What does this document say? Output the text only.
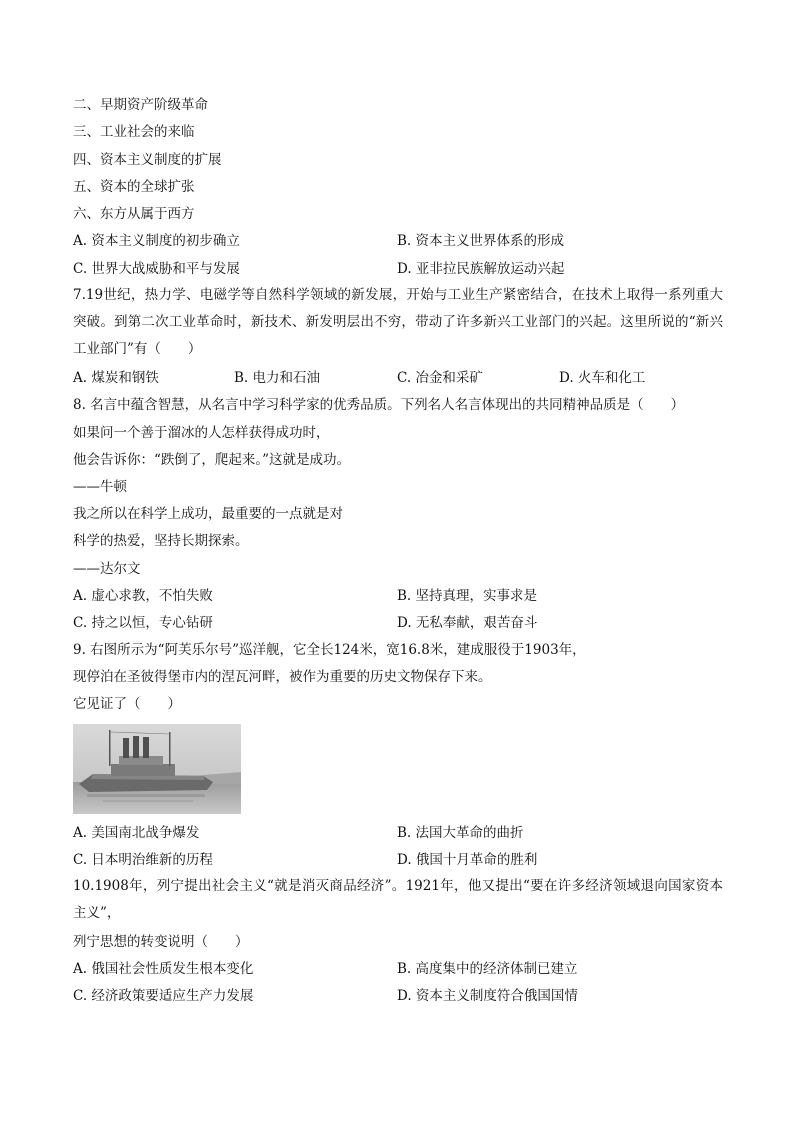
二、早期资产阶级革命
三、工业社会的来临
四、资本主义制度的扩展
五、资本的全球扩张
六、东方从属于西方
A. 资本主义制度的初步确立	B. 资本主义世界体系的形成
C. 世界大战威胁和平与发展	D. 亚非拉民族解放运动兴起
7.19世纪，热力学、电磁学等自然科学领域的新发展，开始与工业生产紧密结合，在技术上取得一系列重大突破。到第二次工业革命时，新技术、新发明层出不穷，带动了许多新兴工业部门的兴起。这里所说的“新兴工业部门”有（　　）
A. 煤炭和钢铁	B. 电力和石油	C. 冶金和采矿	D. 火车和化工
8. 名言中蕴含智慧，从名言中学习科学家的优秀品质。下列名人名言体现出的共同精神品质是（　　）
如果问一个善于溜冰的人怎样获得成功时，
他会告诉你：“跌倒了，爬起来。”这就是成功。
——牛顿
我之所以在科学上成功，最重要的一点就是对
科学的热爱，坚持长期探索。
——达尔文
A. 虚心求教，不怕失败	B. 坚持真理，实事求是
C. 持之以恒，专心钻研	D. 无私奉献，艰苦奋斗
9. 右图所示为“阿芙乐尔号”巡洋舰，它全长124米，宽16.8米，建成服役于1903年，
现停泊在圣彼得堡市内的涅瓦河畔，被作为重要的历史文物保存下来。
它见证了（　　）
A. 美国南北战争爆发	B. 法国大革命的曲折
C. 日本明治维新的历程	D. 俄国十月革命的胜利
10.1908年，列宁提出社会主义“就是消灭商品经济”。1921年，他又提出“要在许多经济领域退向国家资本主义”，
列宁思想的转变说明（　　）
A. 俄国社会性质发生根本变化	B. 高度集中的经济体制已建立
C. 经济政策要适应生产力发展	D. 资本主义制度符合俄国国情
